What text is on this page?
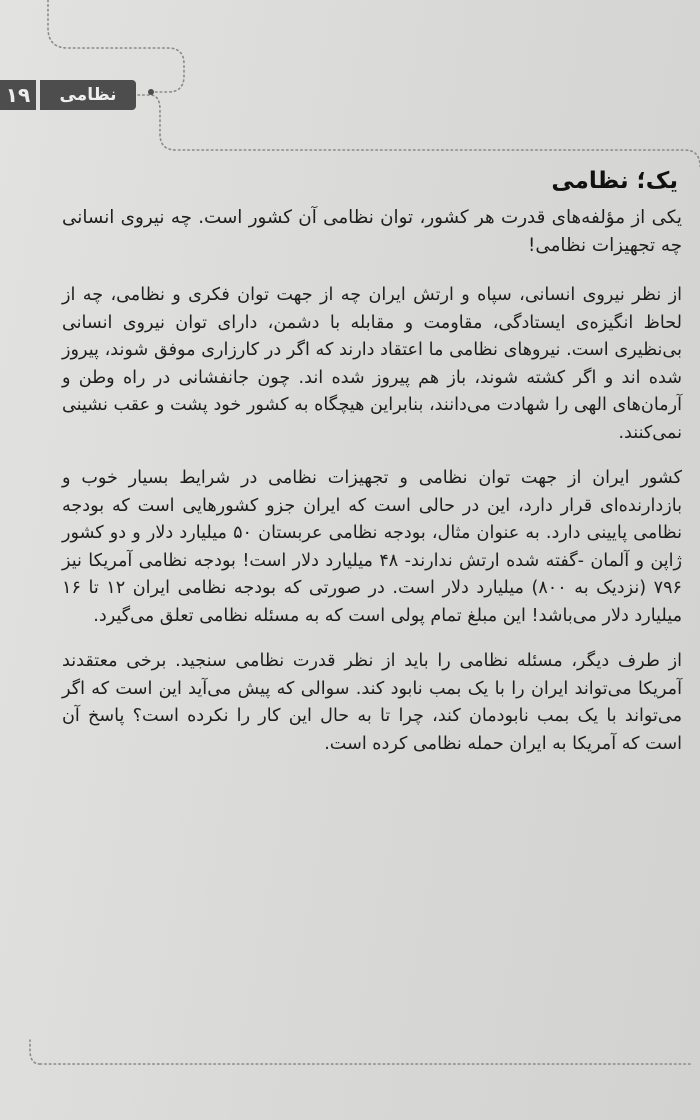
۱۹	نظامی
یک؛ نظامی

یکی از مؤلفه‌های قدرت هر کشور، توان نظامی آن کشور است. چه نیروی انسانی چه تجهیزات نظامی!

از نظر نیروی انسانی، سپاه و ارتش ایران چه از جهت توان فکری و نظامی، چه از لحاظ انگیزه‌ی ایستادگی، مقاومت و مقابله با دشمن، دارای توان نیروی انسانی بی‌نظیری است. نیروهای نظامی ما اعتقاد دارند که اگر در کارزاری موفق شوند، پیروز شده اند و اگر کشته شوند، باز هم پیروز شده اند. چون جانفشانی در راه وطن و آرمان‌های الهی را شهادت می‌دانند، بنابراین هیچگاه به کشور خود پشت و عقب نشینی نمی‌کنند.

کشور ایران از جهت توان نظامی و تجهیزات نظامی در شرایط بسیار خوب و بازدارنده‌ای قرار دارد، این در حالی است که ایران جزو کشورهایی است که بودجه نظامی پایینی دارد. به عنوان مثال، بودجه نظامی عربستان ۵۰ میلیارد دلار و دو کشور ژاپن و آلمان -گفته شده ارتش ندارند- ۴۸ میلیارد دلار است! بودجه نظامی آمریکا نیز ۷۹۶ (نزدیک به ۸۰۰) میلیارد دلار است. در صورتی که بودجه نظامی ایران ۱۲ تا ۱۶ میلیارد دلار می‌باشد! این مبلغ تمام پولی است که به مسئله نظامی تعلق می‌گیرد.

از طرف دیگر، مسئله نظامی را باید از نظر قدرت نظامی سنجید. برخی معتقدند آمریکا می‌تواند ایران را با یک بمب نابود کند. سوالی که پیش می‌آید این است که اگر می‌تواند با یک بمب نابودمان کند، چرا تا به حال این کار را نکرده است؟ پاسخ آن است که آمریکا به ایران حمله نظامی کرده است.
